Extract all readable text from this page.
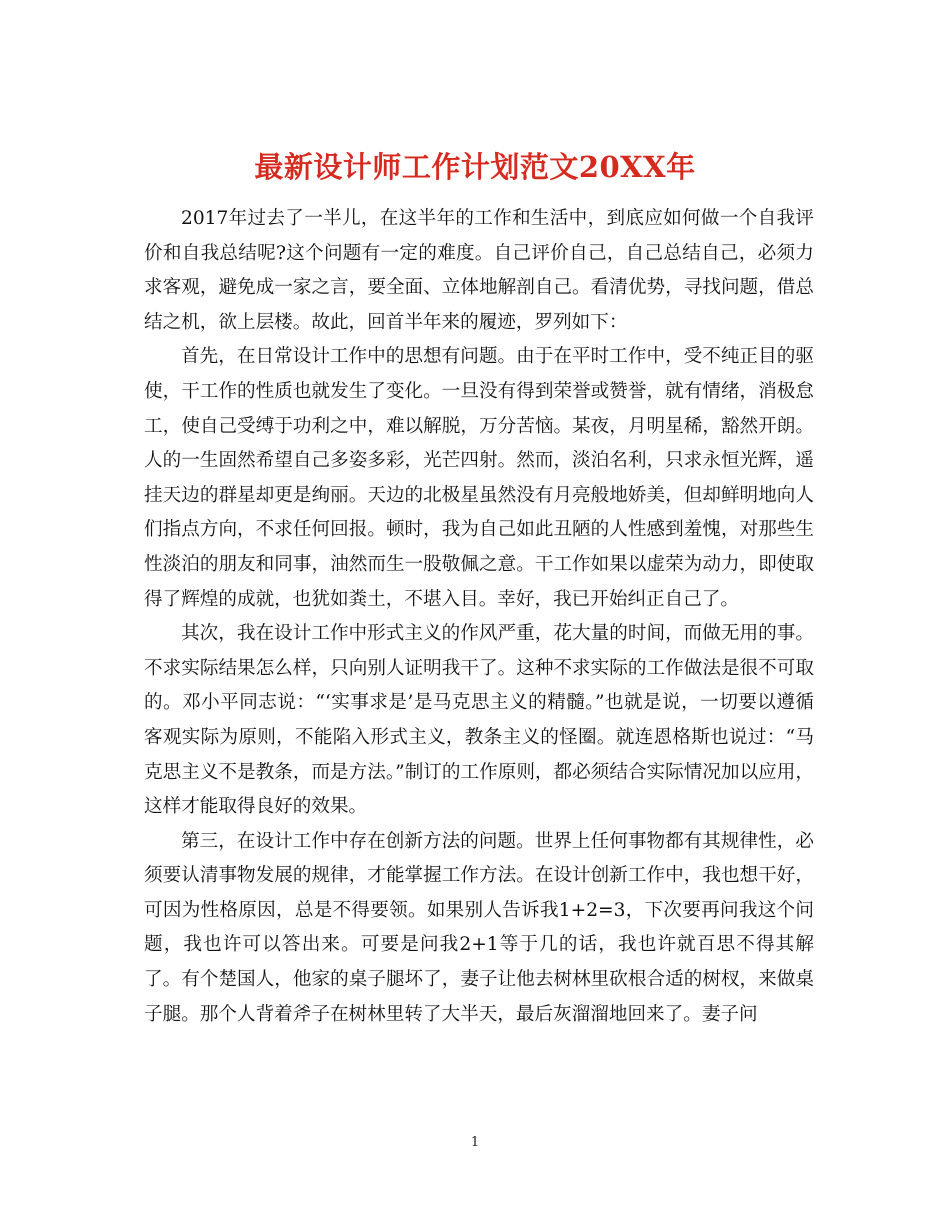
最新设计师工作计划范文20XX年

2017年过去了一半儿，在这半年的工作和生活中，到底应如何做一个自我评价和自我总结呢?这个问题有一定的难度。自己评价自己，自己总结自己，必须力求客观，避免成一家之言，要全面、立体地解剖自己。看清优势，寻找问题，借总结之机，欲上层楼。故此，回首半年来的履迹，罗列如下：

首先，在日常设计工作中的思想有问题。由于在平时工作中，受不纯正目的驱使，干工作的性质也就发生了变化。一旦没有得到荣誉或赞誉，就有情绪，消极怠工，使自己受缚于功利之中，难以解脱，万分苦恼。某夜，月明星稀，豁然开朗。人的一生固然希望自己多姿多彩，光芒四射。然而，淡泊名利，只求永恒光辉，遥挂天边的群星却更是绚丽。天边的北极星虽然没有月亮般地娇美，但却鲜明地向人们指点方向，不求任何回报。顿时，我为自己如此丑陋的人性感到羞愧，对那些生性淡泊的朋友和同事，油然而生一股敬佩之意。干工作如果以虚荣为动力，即使取得了辉煌的成就，也犹如粪土，不堪入目。幸好，我已开始纠正自己了。

其次，我在设计工作中形式主义的作风严重，花大量的时间，而做无用的事。不求实际结果怎么样，只向别人证明我干了。这种不求实际的工作做法是很不可取的。邓小平同志说：“‘实事求是’是马克思主义的精髓。”也就是说，一切要以遵循客观实际为原则，不能陷入形式主义，教条主义的怪圈。就连恩格斯也说过：“马克思主义不是教条，而是方法。”制订的工作原则，都必须结合实际情况加以应用，这样才能取得良好的效果。

第三，在设计工作中存在创新方法的问题。世界上任何事物都有其规律性，必须要认清事物发展的规律，才能掌握工作方法。在设计创新工作中，我也想干好，可因为性格原因，总是不得要领。如果别人告诉我1+2=3，下次要再问我这个问题，我也许可以答出来。可要是问我2+1等于几的话，我也许就百思不得其解了。有个楚国人，他家的桌子腿坏了，妻子让他去树林里砍根合适的树杈，来做桌子腿。那个人背着斧子在树林里转了大半天，最后灰溜溜地回来了。妻子问

1
